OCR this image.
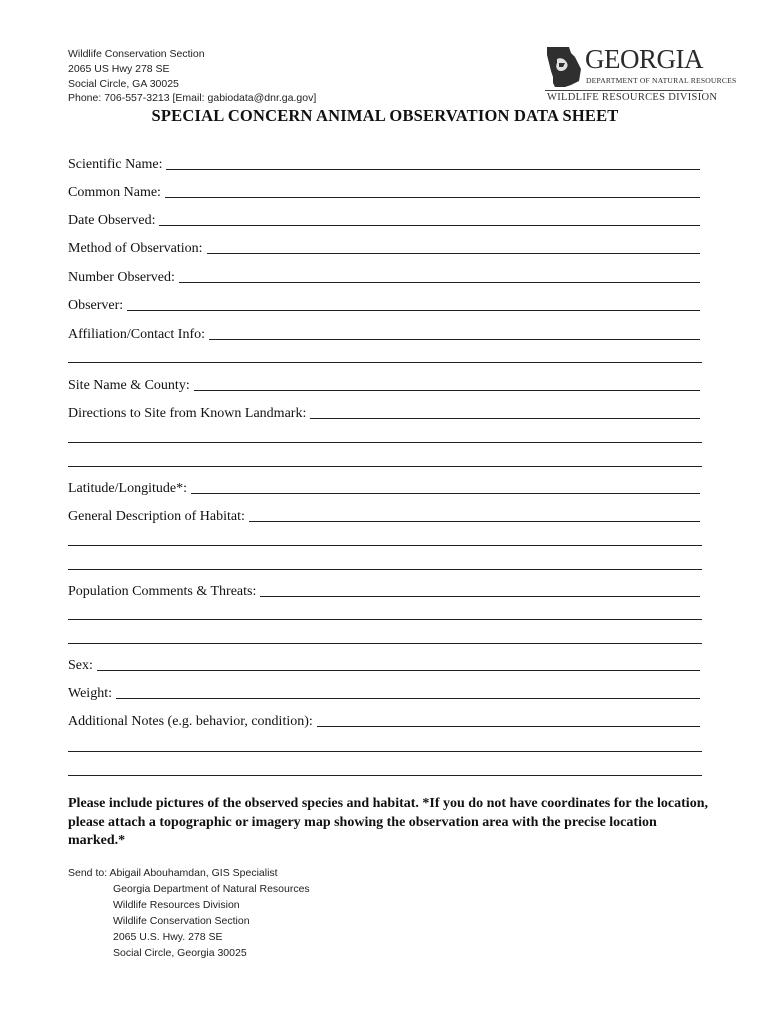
Wildlife Conservation Section
2065 US Hwy 278 SE
Social Circle, GA 30025
Phone: 706-557-3213 [Email: gabiodata@dnr.ga.gov]
GEORGIA
DEPARTMENT OF NATURAL RESOURCES
WILDLIFE RESOURCES DIVISION
SPECIAL CONCERN ANIMAL OBSERVATION DATA SHEET
Scientific Name:
Common Name:
Date Observed:
Method of Observation:
Number Observed:
Observer:
Affiliation/Contact Info:
Site Name & County:
Directions to Site from Known Landmark:
Latitude/Longitude*:
General Description of Habitat:
Population Comments & Threats:
Sex:
Weight:
Additional Notes (e.g. behavior, condition):
Please include pictures of the observed species and habitat. *If you do not have coordinates for the location, please attach a topographic or imagery map showing the observation area with the precise location marked.*
Send to: Abigail Abouhamdan, GIS Specialist
Georgia Department of Natural Resources
Wildlife Resources Division
Wildlife Conservation Section
2065 U.S. Hwy. 278 SE
Social Circle, Georgia 30025
